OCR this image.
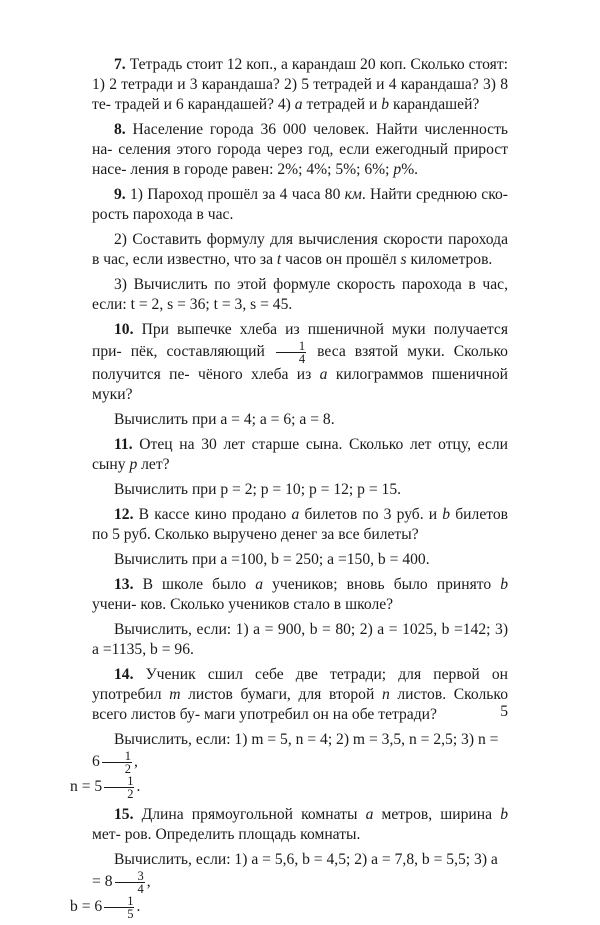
7. Тетрадь стоит 12 коп., а карандаш 20 коп. Сколько стоят: 1) 2 тетради и 3 карандаша? 2) 5 тетрадей и 4 карандаша? 3) 8 те- традей и 6 карандашей? 4) a тетрадей и b карандашей?
8. Население города 36 000 человек. Найти численность на- селения этого города через год, если ежегодный прирост насе- ления в городе равен: 2%; 4%; 5%; 6%; p%.
9. 1) Пароход прошёл за 4 часа 80 км. Найти среднюю ско- рость парохода в час.
2) Составить формулу для вычисления скорости парохода в час, если известно, что за t часов он прошёл s километров.
3) Вычислить по этой формуле скорость парохода в час, если: t = 2, s = 36; t = 3, s = 45.
10. При выпечке хлеба из пшеничной муки получается при- пёк, составляющий $\frac{1}{4}$ веса взятой муки. Сколько получится пе- чёного хлеба из a килограммов пшеничной муки?
Вычислить при a = 4; a = 6; a = 8.
11. Отец на 30 лет старше сына. Сколько лет отцу, если сыну p лет?
Вычислить при p = 2; p = 10; p = 12; p = 15.
12. В кассе кино продано a билетов по 3 руб. и b билетов по 5 руб. Сколько выручено денег за все билеты?
Вычислить при a =100, b = 250; a =150, b = 400.
13. В школе было a учеников; вновь было принято b учени- ков. Сколько учеников стало в школе?
Вычислить, если: 1) a = 900, b = 80; 2) a = 1025, b =142; 3) a =1135, b = 96.
14. Ученик сшил себе две тетради; для первой он употребил m листов бумаги, для второй n листов. Сколько всего листов бу- маги употребил он на обе тетради?
Вычислить, если: 1) m = 5, n = 4; 2) m = 3,5, n = 2,5; 3) $n = 6 \frac{1}{2}$ ,
$n = 5 \frac{1}{2}$ .
15. Длина прямоугольной комнаты a метров, ширина b мет- ров. Определить площадь комнаты.
Вычислить, если: 1) a = 5,6, b = 4,5; 2) a = 7,8, b = 5,5; 3) $a = 8 \frac{3}{4}$ ,
$b = 6 \frac{1}{5}$ .
5
